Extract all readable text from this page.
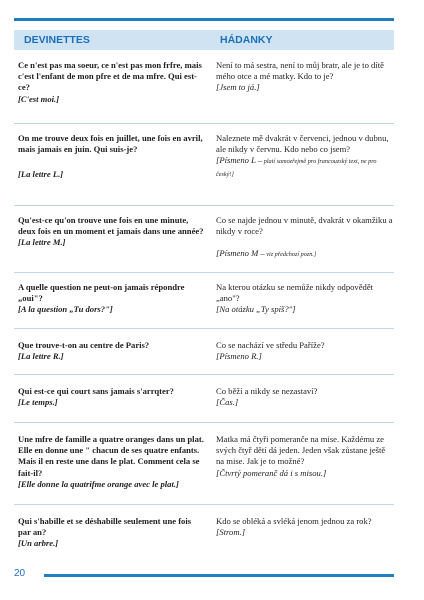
DEVINETTES	HÁDANKY
Ce n'est pas ma soeur, ce n'est pas mon frfre, mais c'est l'enfant de mon pfre et de ma mfre. Qui est-ce?
[C'est moi.]
Není to má sestra, není to můj bratr, ale je to dítě mého otce a mé matky. Kdo to je?
[Jsem to já.]
On me trouve deux fois en juillet, une fois en avril, mais jamais en juin. Qui suis-je?
[La lettre L.]
Naleznete mě dvakrát v červenci, jednou v dubnu, ale nikdy v červnu. Kdo nebo co jsem?
[Písmeno L – platí samozřejmě pro francouzský text, ne pro český!]
Qu'est-ce qu'on trouve une fois en une minute, deux fois en un moment et jamais dans une année?
[La lettre M.]
Co se najde jednou v minutě, dvakrát v okamžiku a nikdy v roce?
[Písmeno M – viz předchozí pozn.]
A quelle question ne peut-on jamais répondre „oui"?
[A la question „Tu dors?"]
Na kterou otázku se nemůže nikdy odpovědět „ano"?
[Na otázku „Ty spíš?"]
Que trouve-t-on au centre de Paris?
[La lettre R.]
Co se nachází ve středu Paříže?
[Písmeno R.]
Qui est-ce qui court sans jamais s'arrqter?
[Le temps.]
Co běží a nikdy se nezastaví?
[Čas.]
Une mfre de famille a quatre oranges dans un plat. Elle en donne une " chacun de ses quatre enfants. Mais il en reste une dans le plat. Comment cela se fait-il?
[Elle donne la quatrifme orange avec le plat.]
Matka má čtyři pomeranče na mise. Každému ze svých čtyř dětí dá jeden. Jeden však zůstane ještě na mise. Jak je to možné?
[Čtvrtý pomeranč dá i s misou.]
Qui s'habille et se déshabille seulement une fois par an?
[Un arbre.]
Kdo se obléká a svléká jenom jednou za rok?
[Strom.]
20
